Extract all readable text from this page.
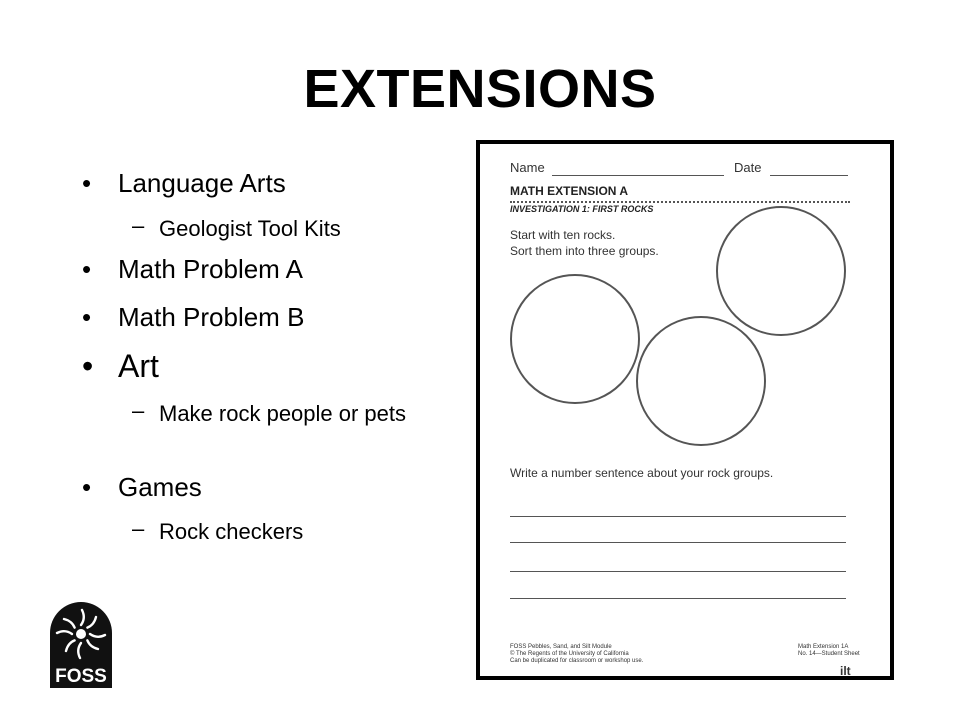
EXTENSIONS
•	Language Arts
– Geologist Tool Kits
•	Math Problem A
•	Math Problem B
• Art
– Make rock people or pets
•	Games
– Rock checkers
Name	Date
MATH EXTENSION A
INVESTIGATION 1: FIRST ROCKS
Start with ten rocks.
Sort them into three groups.
Write a number sentence about your rock groups.
FOSS Pebbles, Sand, and Silt Module
© The Regents of the University of California
Can be duplicated for classroom or workshop use.
Math Extension 1A
No. 14—Student Sheet
FOSS	ilt
